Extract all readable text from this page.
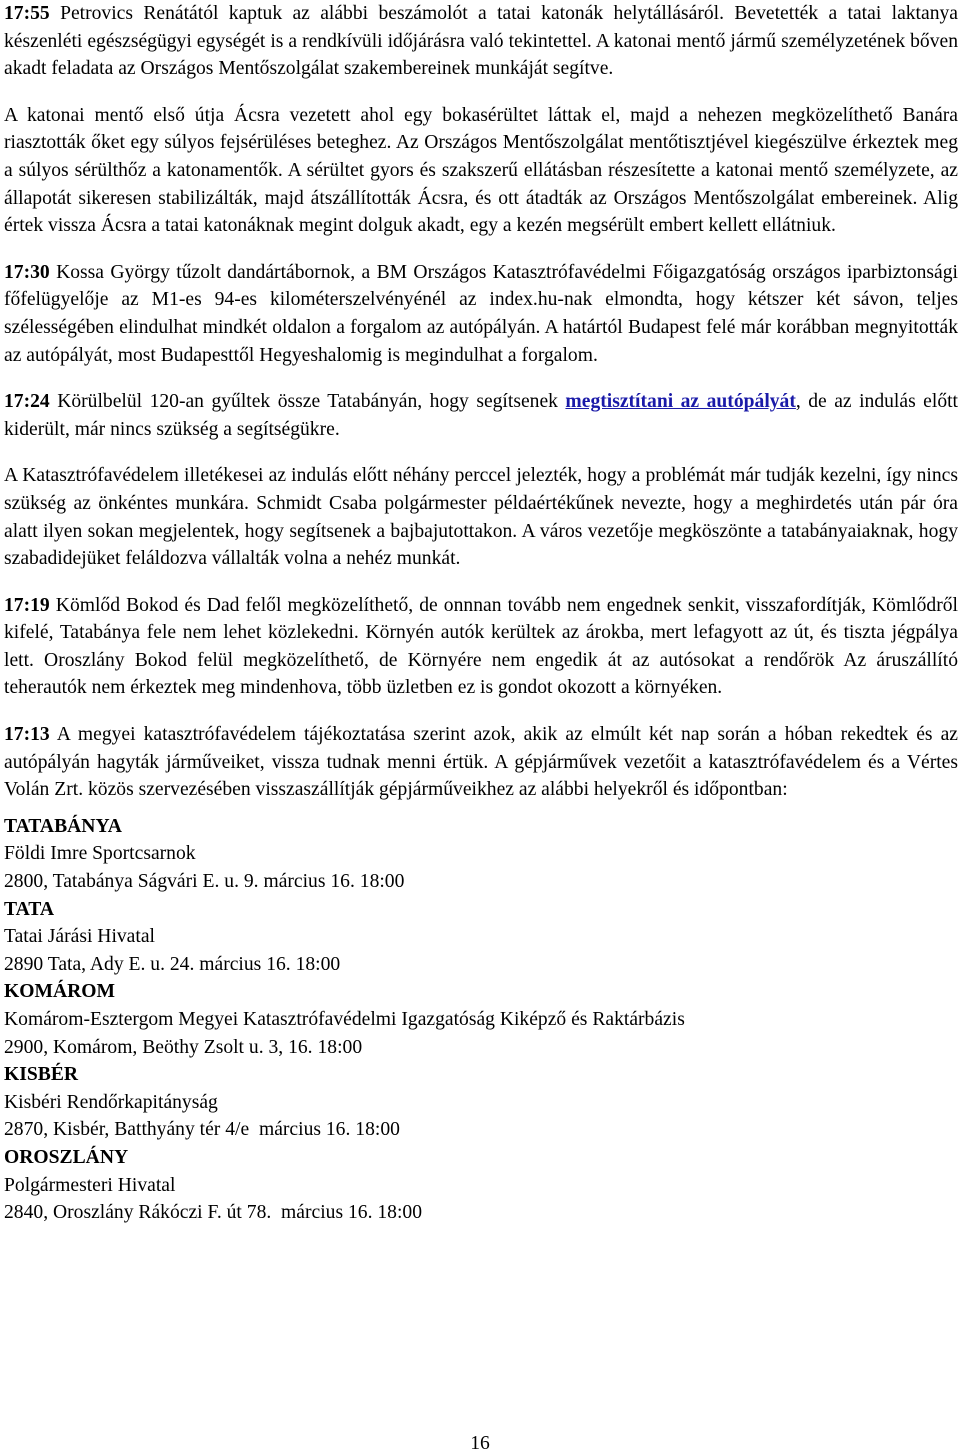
17:55 Petrovics Renátától kaptuk az alábbi beszámolót a tatai katonák helytállásáról. Bevetették a tatai laktanya készenléti egészségügyi egységét is a rendkívüli időjárásra való tekintettel. A katonai mentő jármű személyzetének bőven akadt feladata az Országos Mentőszolgálat szakembereinek munkáját segítve.

A katonai mentő első útja Ácsra vezetett ahol egy bokasérültet láttak el, majd a nehezen megközelíthető Banára riasztották őket egy súlyos fejsérüléses beteghez. Az Országos Mentőszolgálat mentőtisztjével kiegészülve érkeztek meg a súlyos sérülthőz a katonamentők. A sérültet gyors és szakszerű ellátásban részesítette a katonai mentő személyzete, az állapotát sikeresen stabilizálták, majd átszállították Ácsra, és ott átadták az Országos Mentőszolgálat embereinek. Alig értek vissza Ácsra a tatai katonáknak megint dolguk akadt, egy a kezén megsérült embert kellett ellátniuk.

17:30 Kossa György tűzolt dandártábornok, a BM Országos Katasztrófavédelmi Főigazgatóság országos iparbiztonsági főfelügyelője az M1-es 94-es kilométerszelvényénél az index.hu-nak elmondta, hogy kétszer két sávon, teljes szélességében elindulhat mindkét oldalon a forgalom az autópályán. A határtól Budapest felé már korábban megnyitották az autópályát, most Budapesttől Hegyeshalomig is megindulhat a forgalom.

17:24 Körülbelül 120-an gyűltek össze Tatabányán, hogy segítsenek megtisztítani az autópályát, de az indulás előtt kiderült, már nincs szükség a segítségükre.

A Katasztrófavédelem illetékesei az indulás előtt néhány perccel jelezték, hogy a problémát már tudják kezelni, így nincs szükség az önkéntes munkára. Schmidt Csaba polgármester példaértékűnek nevezte, hogy a meghirdetés után pár óra alatt ilyen sokan megjelentek, hogy segítsenek a bajbajutottakon. A város vezetője megköszönte a tatabányaiaknak, hogy szabadidejüket feláldozva vállalták volna a nehéz munkát.

17:19 Kömlőd Bokod és Dad felől megközelíthető, de onnnan tovább nem engednek senkit, visszafordítják, Kömlődről kifelé, Tatabánya fele nem lehet közlekedni. Környén autók kerültek az árokba, mert lefagyott az út, és tiszta jégpálya lett. Oroszlány Bokod felül megközelíthető, de Környére nem engedik át az autósokat a rendőrök Az áruszállító teherautók nem érkeztek meg mindenhova, több üzletben ez is gondot okozott a környéken.

17:13 A megyei katasztrófavédelem tájékoztatása szerint azok, akik az elmúlt két nap során a hóban rekedtek és az autópályán hagyták járműveiket, vissza tudnak menni értük. A gépjárművek vezetőit a katasztrófavédelem és a Vértes Volán Zrt. közös szervezésében visszaszállítják gépjárműveikhez az alábbi helyekről és időpontban:

TATABÁNYA
Földi Imre Sportcsarnok
2800, Tatabánya Ságvári E. u. 9. március 16. 18:00
TATA
Tatai Járási Hivatal
2890 Tata, Ady E. u. 24. március 16. 18:00
KOMÁROM
Komárom-Esztergom Megyei Katasztrófavédelmi Igazgatóság Kiképző és Raktárbázis
2900, Komárom, Beöthy Zsolt u. 3, 16. 18:00
KISBÉR
Kisbéri Rendőrkapitányság
2870, Kisbér, Batthyány tér 4/e  március 16. 18:00
OROSZLÁNY
Polgármesteri Hivatal
2840, Oroszlány Rákóczi F. út 78.  március 16. 18:00
16
